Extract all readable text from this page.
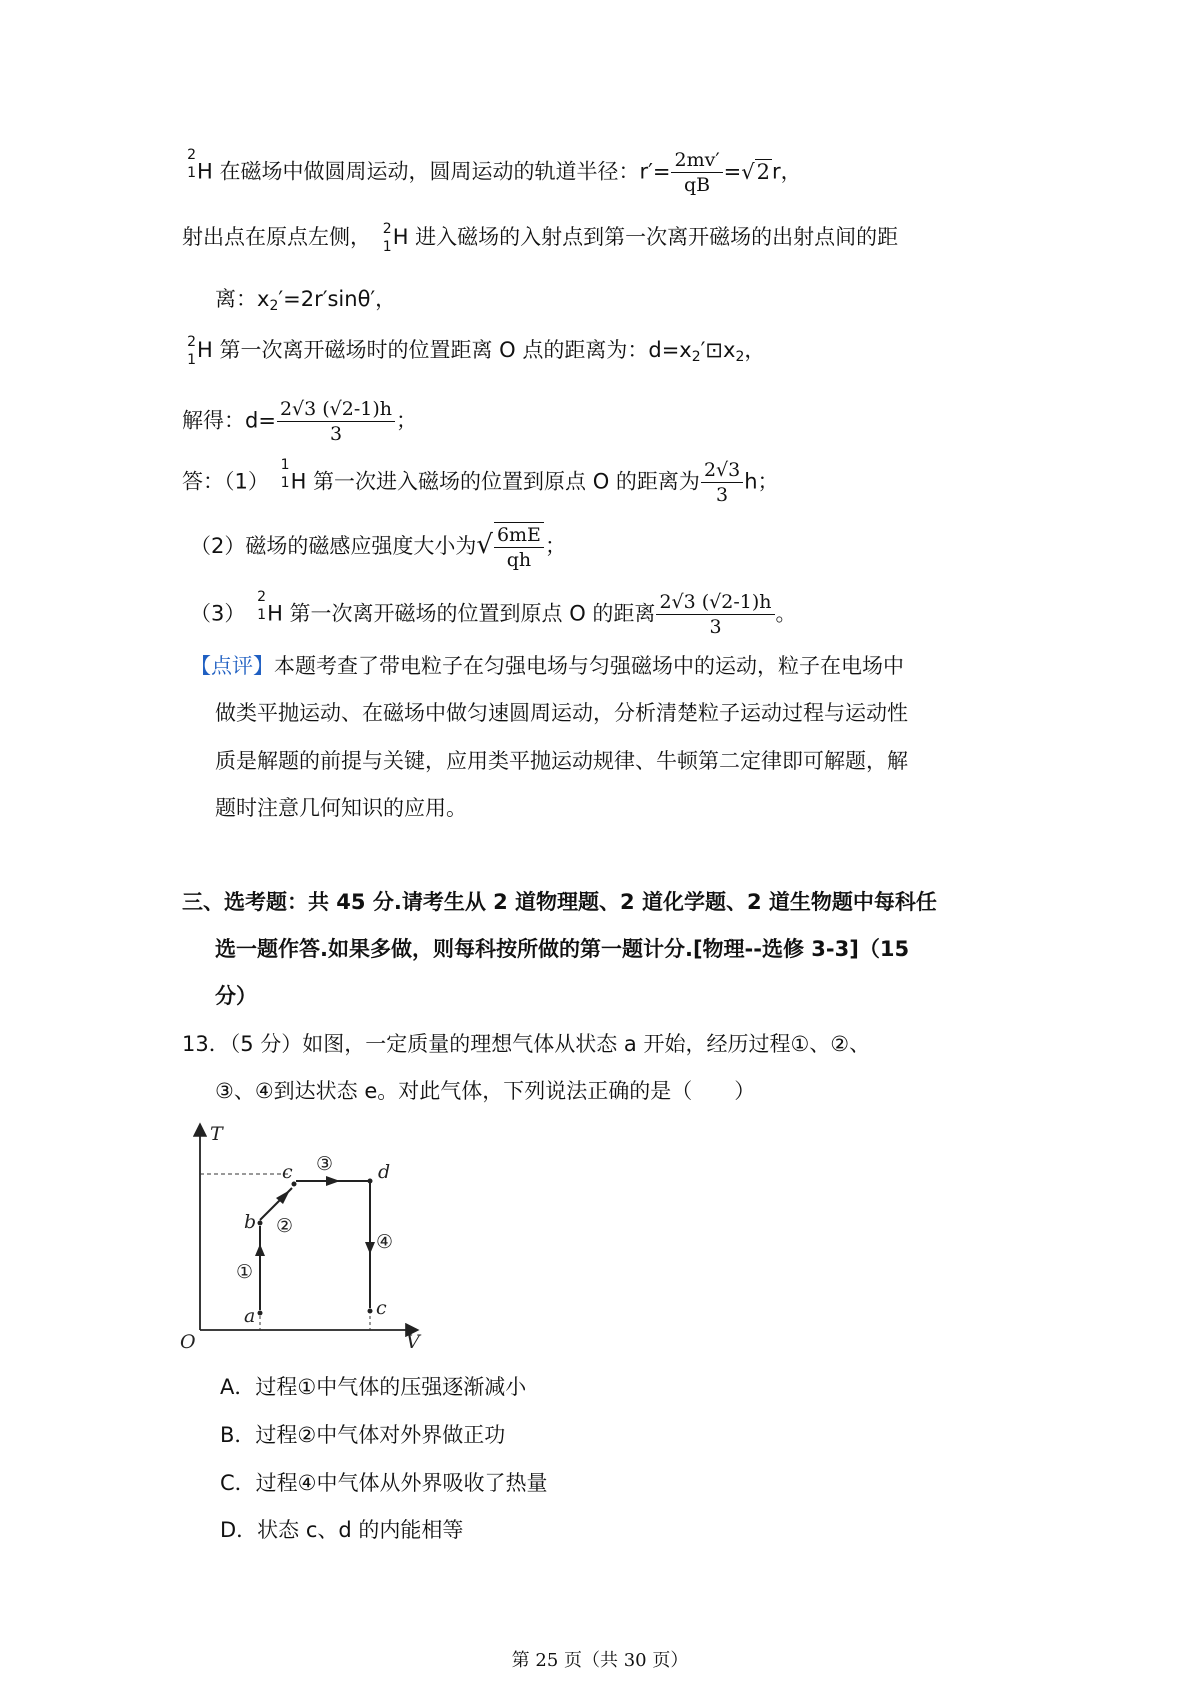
2
1 H 在磁场中做圆周运动，圆周运动的轨道半径：$r'= \frac{2mv'}{qB} =√2r$，
射出点在原点左侧， 2
1 H 进入磁场的入射点到第一次离开磁场的出射点间的距
离：$x_2'=2r'\sin\theta'$，
2
1 H 第一次离开磁场时的位置距离 O 点的距离为：$d=x_2'⊡x_2$，
解得：$d= \frac{2√3 (√2-1)h}{3}$ ；
答：（1）
1
1 H 第一次进入磁场的位置到原点 O 的距离为 $\frac{2√3}{3}$ h；
（2）磁场的磁感应强度大小为√ $\frac{6mE}{qh}$ ；
（3）
2
1 H 第一次离开磁场的位置到原点 O 的距离 $\frac{2√3 (√2-1)h}{3}$ 。
【点评】本题考查了带电粒子在匀强电场与匀强磁场中的运动，粒子在电场中
做类平抛运动、在磁场中做匀速圆周运动，分析清楚粒子运动过程与运动性
质是解题的前提与关键，应用类平抛运动规律、牛顿第二定律即可解题，解
题时注意几何知识的应用。
三、选考题：共 45 分.请考生从 2 道物理题、2 道化学题、2 道生物题中每科任
选一题作答.如果多做，则每科按所做的第一题计分.[物理--选修 3-3]（15
分）
13．（5 分）如图，一定质量的理想气体从状态 a 开始，经历过程①、②、
③、④到达状态 e。对此气体，下列说法正确的是（　　）
T
V
O
a
b
c	d
c
①
②
③
④
A．过程①中气体的压强逐渐减小
B．过程②中气体对外界做正功
C．过程④中气体从外界吸收了热量
D．状态 c、d 的内能相等
第 25 页（共 30 页）
